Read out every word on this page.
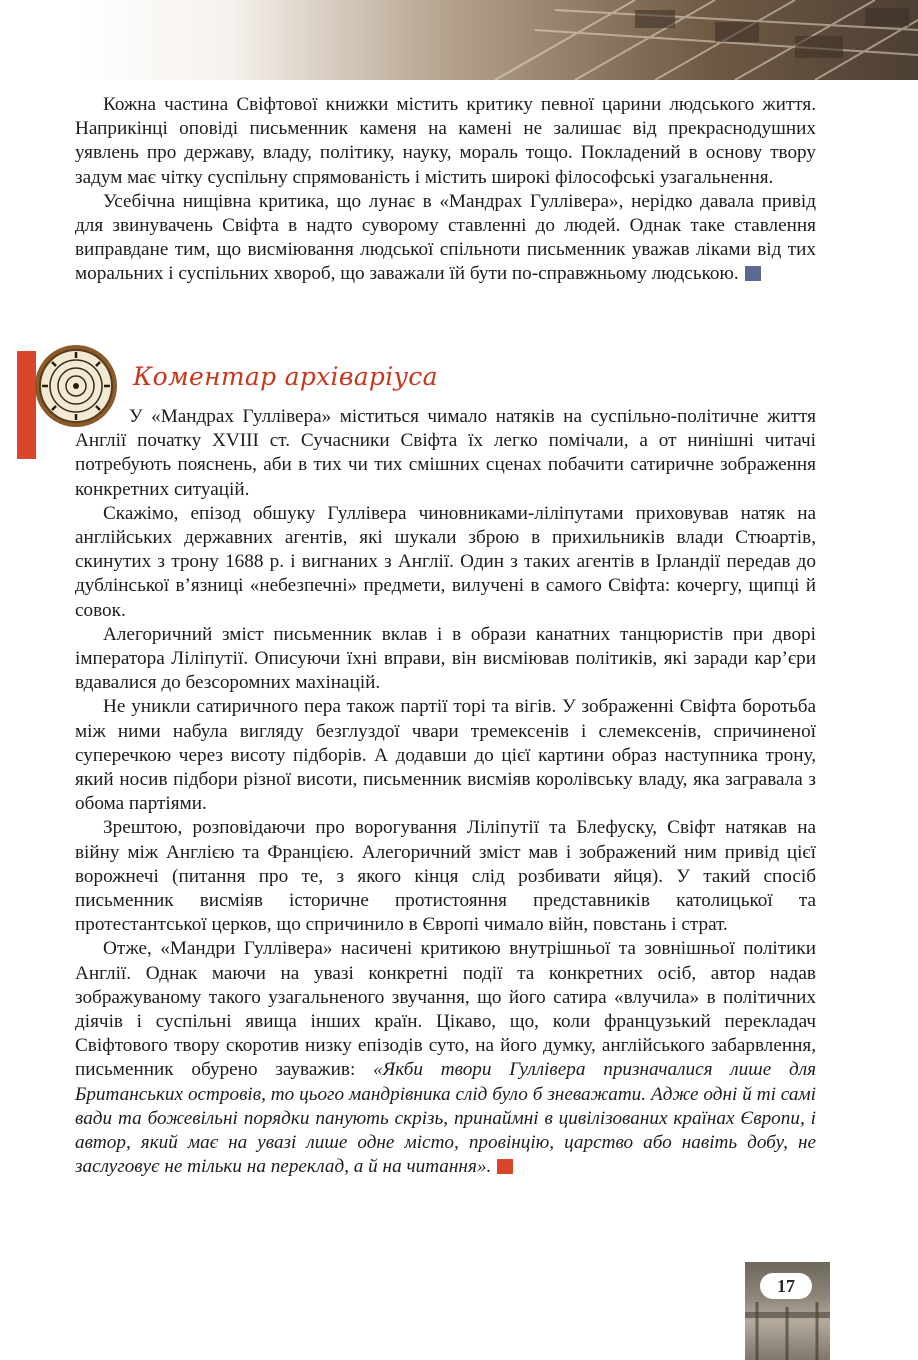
Кожна частина Свіфтової книжки містить критику певної царини людського життя. Наприкінці оповіді письменник каменя на камені не залишає від прекраснодушних уявлень про державу, владу, політику, науку, мораль тощо. Покладений в основу твору задум має чітку суспільну спрямованість і містить широкі філософські узагальнення.

Усебічна нищівна критика, що лунає в «Мандрах Гуллівера», нерідко давала привід для звинувачень Свіфта в надто суворому ставленні до людей. Однак таке ставлення виправдане тим, що висміювання людської спільноти письменник уважав ліками від тих моральних і суспільних хвороб, що заважали їй бути по-справжньому людською.

Коментар архіваріуса

У «Мандрах Гуллівера» міститься чимало натяків на суспільно-політичне життя Англії початку XVIII ст. Сучасники Свіфта їх легко помічали, а от нинішні читачі потребують пояснень, аби в тих чи тих смішних сценах побачити сатиричне зображення конкретних ситуацій.

Скажімо, епізод обшуку Гуллівера чиновниками-ліліпутами приховував натяк на англійських державних агентів, які шукали зброю в прихильників влади Стюартів, скинутих з трону 1688 р. і вигнаних з Англії. Один з таких агентів в Ірландії передав до дублінської в’язниці «небезпечні» предмети, вилучені в самого Свіфта: кочергу, щипці й совок.

Алегоричний зміст письменник вклав і в образи канатних танцюристів при дворі імператора Ліліпутії. Описуючи їхні вправи, він висміював політиків, які заради кар’єри вдавалися до безсоромних махінацій.

Не уникли сатиричного пера також партії торі та вігів. У зображенні Свіфта боротьба між ними набула вигляду безглуздої чвари тремексенів і слемексенів, спричиненої суперечкою через висоту підборів. А додавши до цієї картини образ наступника трону, який носив підбори різної висоти, письменник висміяв королівську владу, яка загравала з обома партіями.

Зрештою, розповідаючи про ворогування Ліліпутії та Блефуску, Свіфт натякав на війну між Англією та Францією. Алегоричний зміст мав і зображений ним привід цієї ворожнечі (питання про те, з якого кінця слід розбивати яйця). У такий спосіб письменник висміяв історичне протистояння представників католицької та протестантської церков, що спричинило в Європі чимало війн, повстань і страт.

Отже, «Мандри Гуллівера» насичені критикою внутрішньої та зовнішньої політики Англії. Однак маючи на увазі конкретні події та конкретних осіб, автор надав зображуваному такого узагальненого звучання, що його сатира «влучила» в політичних діячів і суспільні явища інших країн. Цікаво, що, коли французький перекладач Свіфтового твору скоротив низку епізодів суто, на його думку, англійського забарвлення, письменник обурено зауважив: «Якби твори Гуллівера призначалися лише для Британських островів, то цього мандрівника слід було б зневажати. Адже одні й ті самі вади та божевільні порядки панують скрізь, принаймні в цивілізованих країнах Європи, і автор, який має на увазі лише одне місто, провінцію, царство або навіть добу, не заслуговує не тільки на переклад, а й на читання».

17
